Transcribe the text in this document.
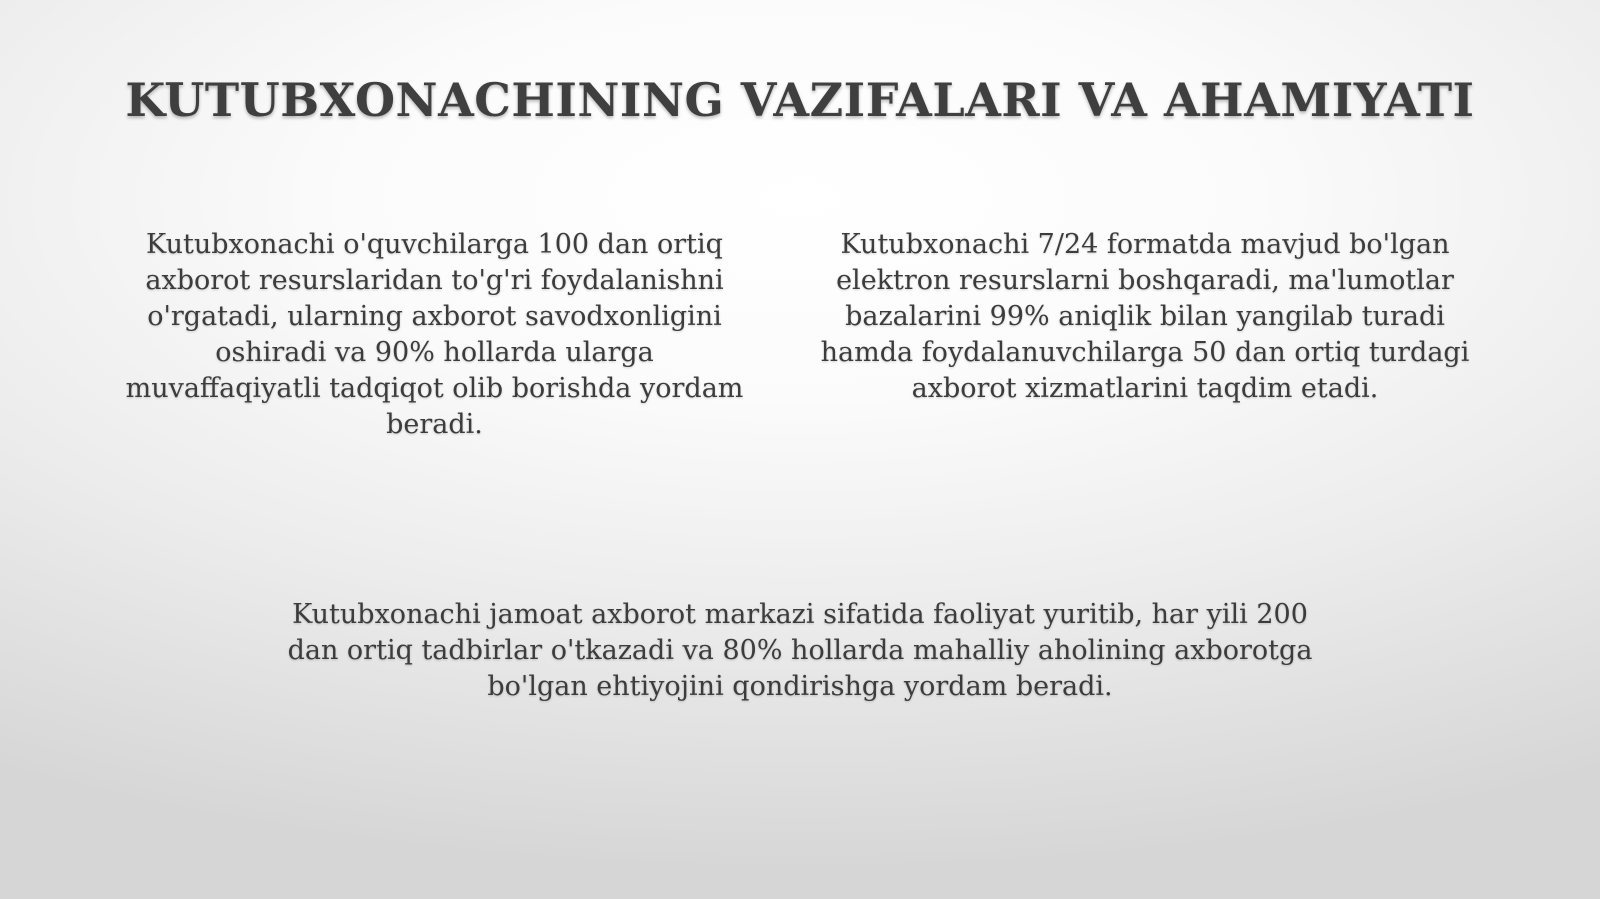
KUTUBXONACHINING VAZIFALARI VA AHAMIYATI

Kutubxonachi o'quvchilarga 100 dan ortiq axborot resurslaridan to'g'ri foydalanishni o'rgatadi, ularning axborot savodxonligini oshiradi va 90% hollarda ularga muvaffaqiyatli tadqiqot olib borishda yordam beradi.

Kutubxonachi 7/24 formatda mavjud bo'lgan elektron resurslarni boshqaradi, ma'lumotlar bazalarini 99% aniqlik bilan yangilab turadi hamda foydalanuvchilarga 50 dan ortiq turdagi axborot xizmatlarini taqdim etadi.

Kutubxonachi jamoat axborot markazi sifatida faoliyat yuritib, har yili 200 dan ortiq tadbirlar o'tkazadi va 80% hollarda mahalliy aholining axborotga bo'lgan ehtiyojini qondirishga yordam beradi.
